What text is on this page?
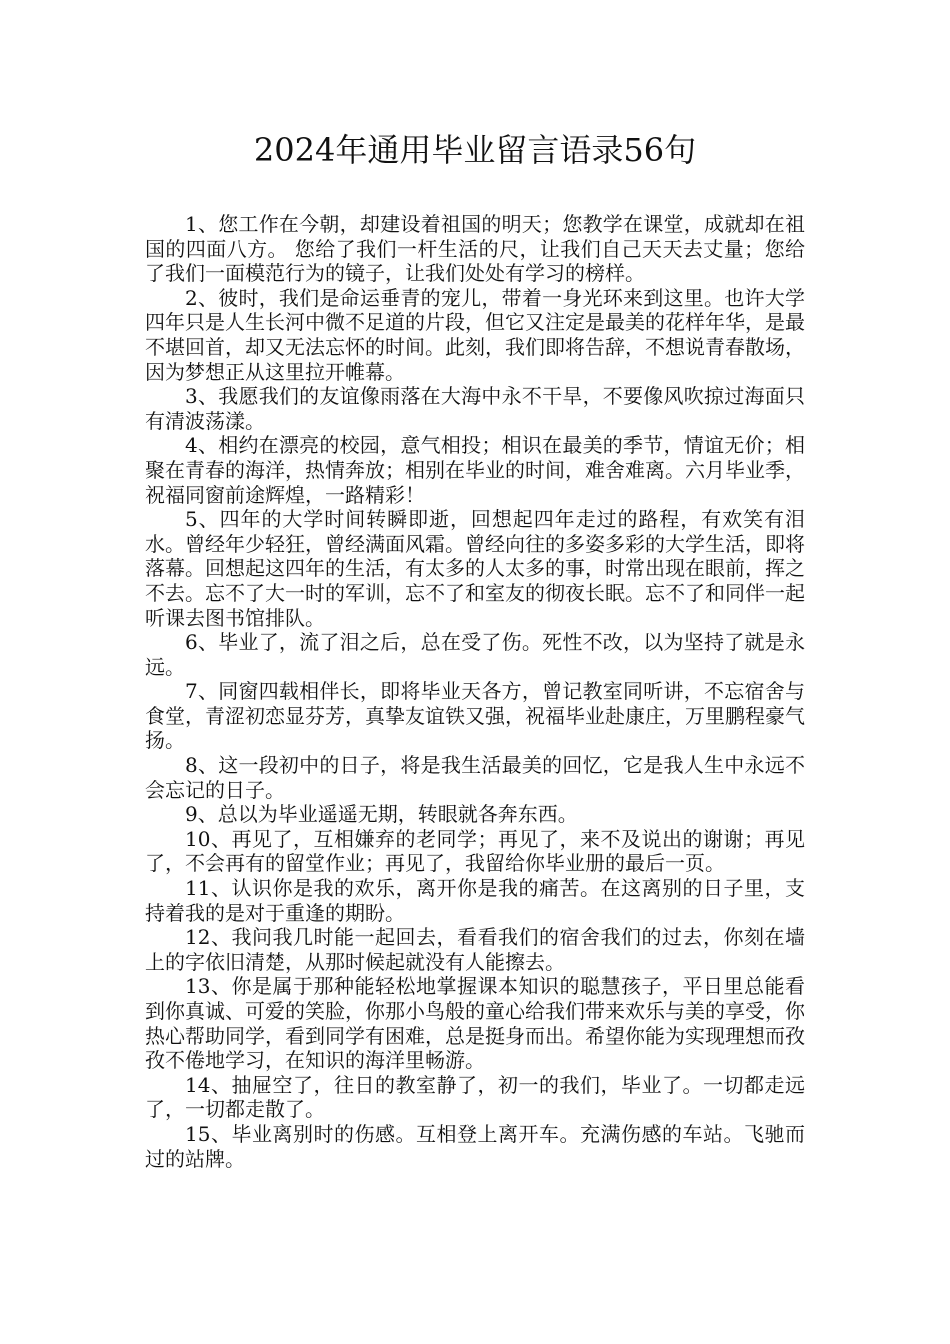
2024年通用毕业留言语录56句

1、您工作在今朝，却建设着祖国的明天；您教学在课堂，成就却在祖国的四面八方。 您给了我们一杆生活的尺，让我们自己天天去丈量；您给了我们一面模范行为的镜子，让我们处处有学习的榜样。

2、彼时，我们是命运垂青的宠儿，带着一身光环来到这里。也许大学四年只是人生长河中微不足道的片段，但它又注定是最美的花样年华，是最不堪回首，却又无法忘怀的时间。此刻，我们即将告辞，不想说青春散场，因为梦想正从这里拉开帷幕。

3、我愿我们的友谊像雨落在大海中永不干旱，不要像风吹掠过海面只有清波荡漾。

4、相约在漂亮的校园，意气相投；相识在最美的季节，情谊无价；相聚在青春的海洋，热情奔放；相别在毕业的时间，难舍难离。六月毕业季，祝福同窗前途辉煌，一路精彩！

5、四年的大学时间转瞬即逝，回想起四年走过的路程，有欢笑有泪水。曾经年少轻狂，曾经满面风霜。曾经向往的多姿多彩的大学生活，即将落幕。回想起这四年的生活，有太多的人太多的事，时常出现在眼前，挥之不去。忘不了大一时的军训，忘不了和室友的彻夜长眠。忘不了和同伴一起听课去图书馆排队。

6、毕业了，流了泪之后，总在受了伤。死性不改，以为坚持了就是永远。

7、同窗四载相伴长，即将毕业天各方，曾记教室同听讲，不忘宿舍与食堂，青涩初恋显芬芳，真挚友谊铁又强，祝福毕业赴康庄，万里鹏程豪气扬。

8、这一段初中的日子，将是我生活最美的回忆，它是我人生中永远不会忘记的日子。

9、总以为毕业遥遥无期，转眼就各奔东西。

10、再见了，互相嫌弃的老同学；再见了，来不及说出的谢谢；再见了，不会再有的留堂作业；再见了，我留给你毕业册的最后一页。

11、认识你是我的欢乐，离开你是我的痛苦。在这离别的日子里，支持着我的是对于重逢的期盼。

12、我问我几时能一起回去，看看我们的宿舍我们的过去，你刻在墙上的字依旧清楚，从那时候起就没有人能擦去。

13、你是属于那种能轻松地掌握课本知识的聪慧孩子，平日里总能看到你真诚、可爱的笑脸，你那小鸟般的童心给我们带来欢乐与美的享受，你热心帮助同学，看到同学有困难，总是挺身而出。希望你能为实现理想而孜孜不倦地学习，在知识的海洋里畅游。

14、抽屉空了，往日的教室静了，初一的我们，毕业了。一切都走远了，一切都走散了。

15、毕业离别时的伤感。互相登上离开车。充满伤感的车站。飞驰而过的站牌。
